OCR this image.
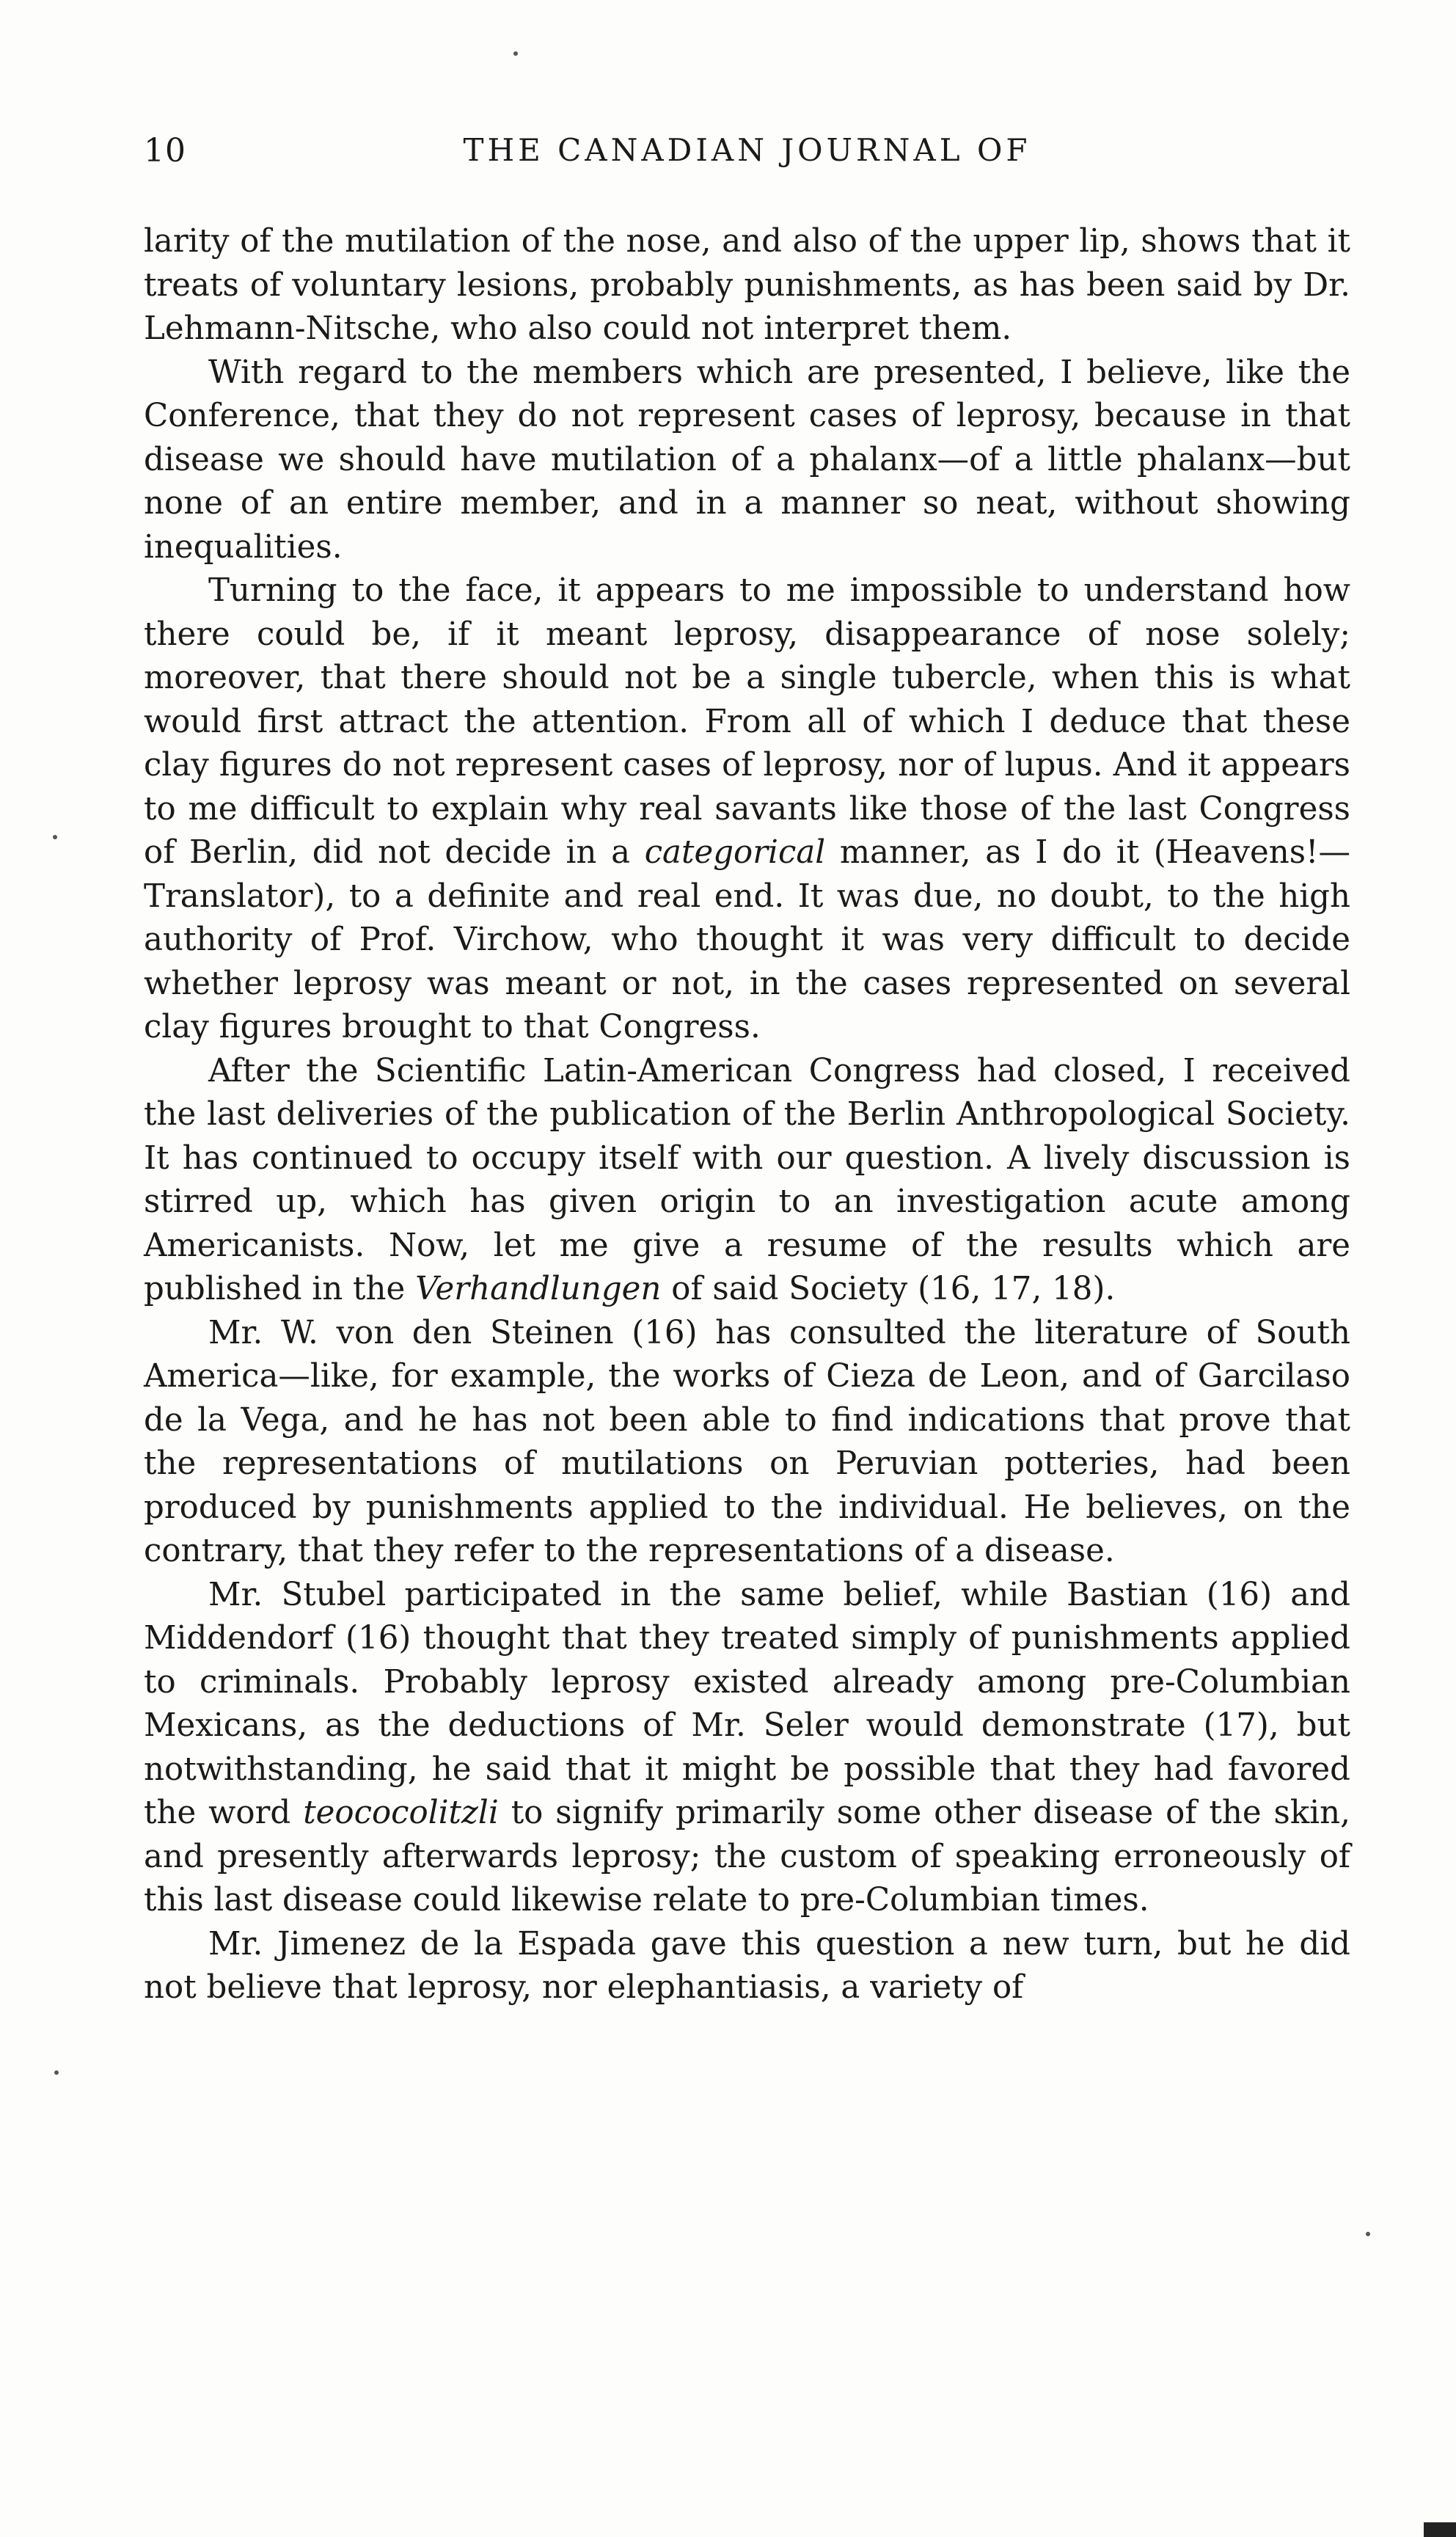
10	THE CANADIAN JOURNAL OF

larity of the mutilation of the nose, and also of the upper lip, shows that it treats of voluntary lesions, probably punishments, as has been said by Dr. Lehmann-Nitsche, who also could not interpret them.

With regard to the members which are presented, I believe, like the Conference, that they do not represent cases of leprosy, because in that disease we should have mutilation of a phalanx—of a little phalanx—but none of an entire member, and in a manner so neat, without showing inequalities.

Turning to the face, it appears to me impossible to understand how there could be, if it meant leprosy, disappearance of nose solely; moreover, that there should not be a single tubercle, when this is what would first attract the attention. From all of which I deduce that these clay figures do not represent cases of leprosy, nor of lupus. And it appears to me difficult to explain why real savants like those of the last Congress of Berlin, did not decide in a categorical manner, as I do it (Heavens!—Translator), to a definite and real end. It was due, no doubt, to the high authority of Prof. Virchow, who thought it was very difficult to decide whether leprosy was meant or not, in the cases represented on several clay figures brought to that Congress.

After the Scientific Latin-American Congress had closed, I received the last deliveries of the publication of the Berlin Anthropological Society. It has continued to occupy itself with our question. A lively discussion is stirred up, which has given origin to an investigation acute among Americanists. Now, let me give a resume of the results which are published in the Verhandlungen of said Society (16, 17, 18).

Mr. W. von den Steinen (16) has consulted the literature of South America—like, for example, the works of Cieza de Leon, and of Garcilaso de la Vega, and he has not been able to find indications that prove that the representations of mutilations on Peruvian potteries, had been produced by punishments applied to the individual. He believes, on the contrary, that they refer to the representations of a disease.

Mr. Stubel participated in the same belief, while Bastian (16) and Middendorf (16) thought that they treated simply of punishments applied to criminals. Probably leprosy existed already among pre-Columbian Mexicans, as the deductions of Mr. Seler would demonstrate (17), but notwithstanding, he said that it might be possible that they had favored the word teococolitzli to signify primarily some other disease of the skin, and presently afterwards leprosy; the custom of speaking erroneously of this last disease could likewise relate to pre-Columbian times.

Mr. Jimenez de la Espada gave this question a new turn, but he did not believe that leprosy, nor elephantiasis, a variety of
